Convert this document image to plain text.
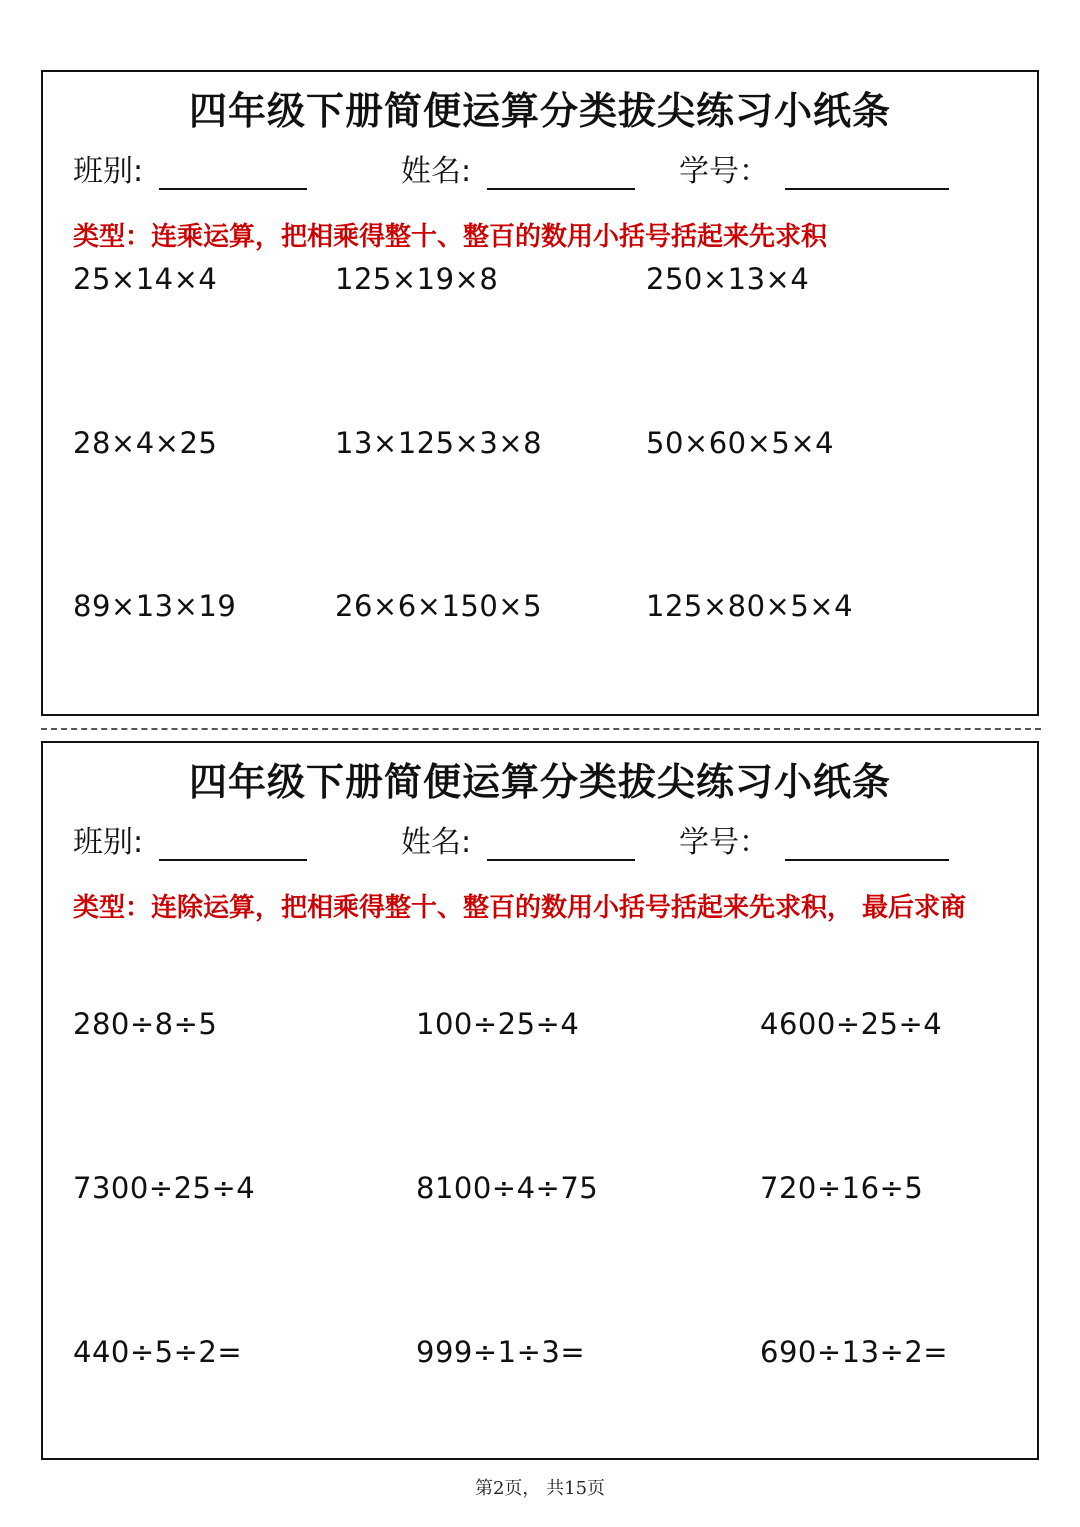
四年级下册简便运算分类拔尖练习小纸条
班别:	姓名:	学号：
类型：连乘运算，把相乘得整十、整百的数用小括号括起来先求积
25×14×4	125×19×8	250×13×4
28×4×25	13×125×3×8	50×60×5×4
89×13×19	26×6×150×5	125×80×5×4
四年级下册简便运算分类拔尖练习小纸条
班别:	姓名:	学号：
类型：连除运算，把相乘得整十、整百的数用小括号括起来先求积， 最后求商
280÷8÷5	100÷25÷4	4600÷25÷4
7300÷25÷4	8100÷4÷75	720÷16÷5
440÷5÷2=	999÷1÷3=	690÷13÷2=
第2页， 共15页
